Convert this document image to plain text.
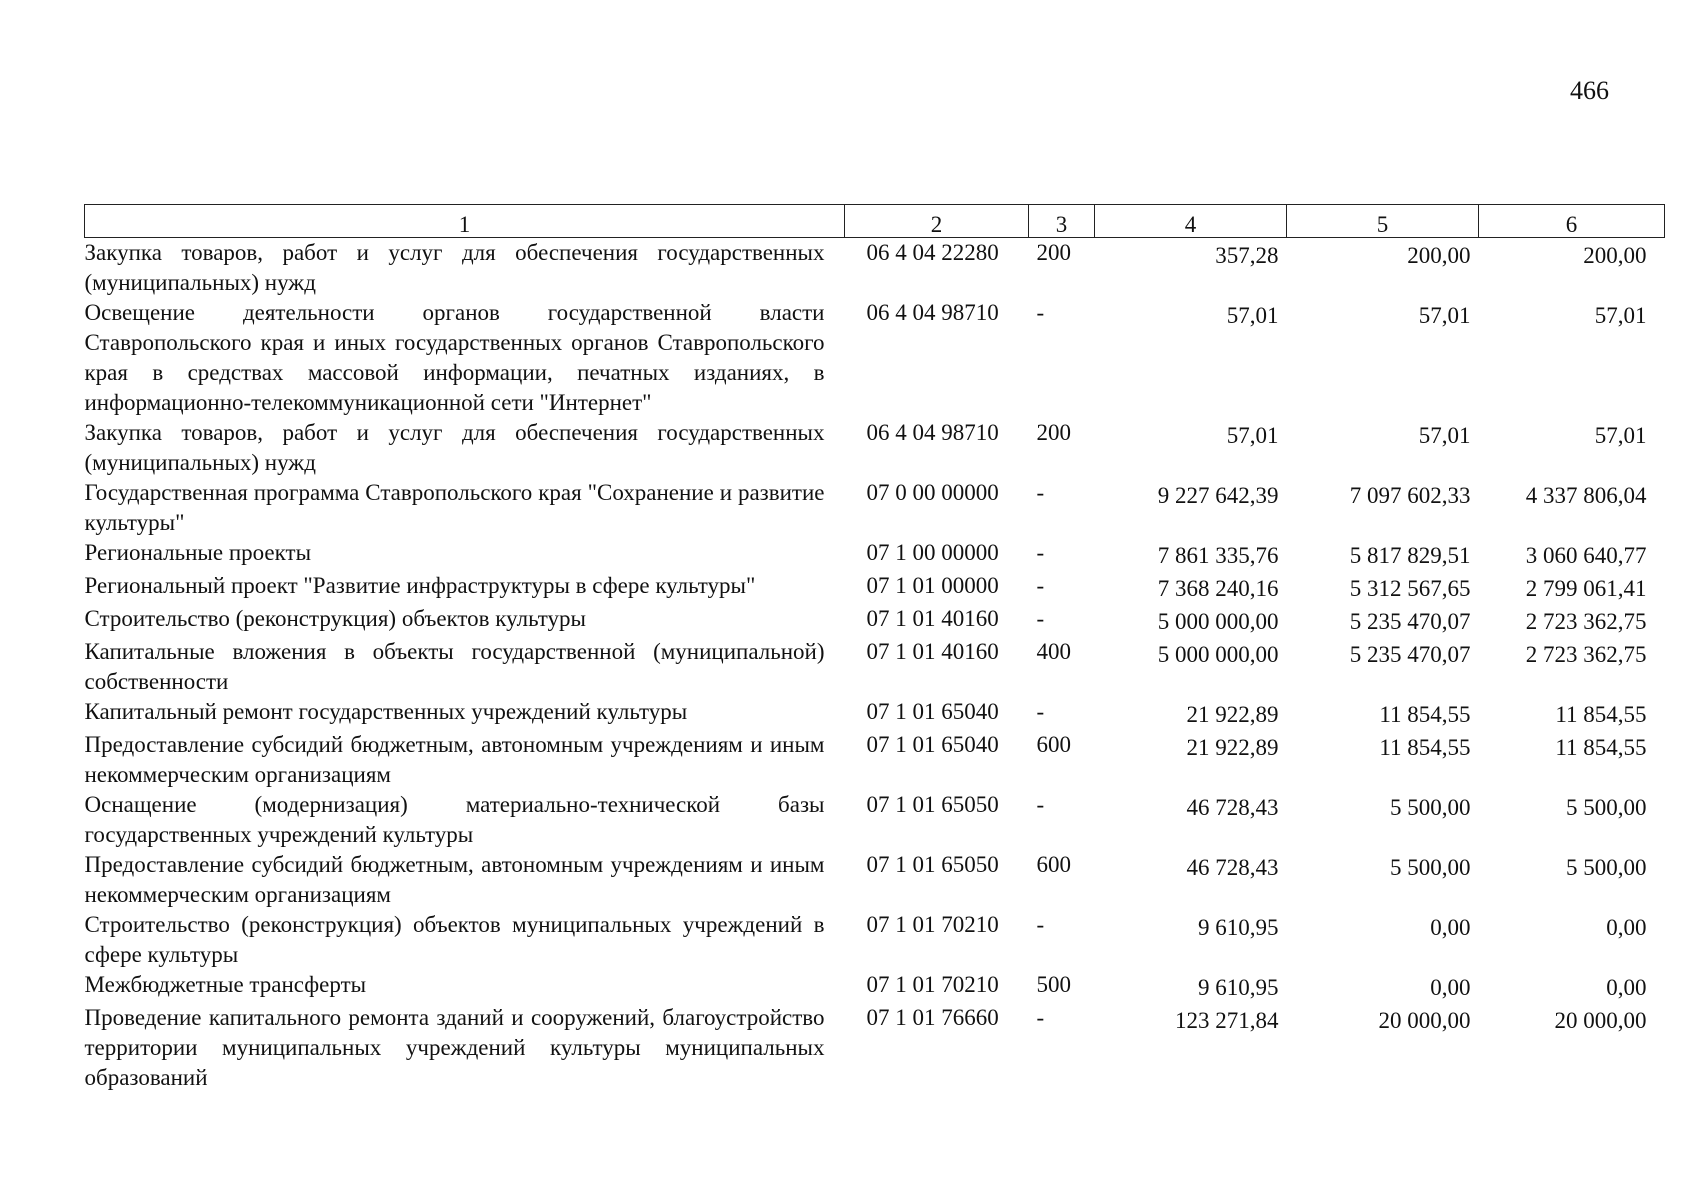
466
1	2	3	4	5	6
Закупка товаров, работ и услуг для обеспечения государственных (муниципальных) нужд	06 4 04 22280	200	357,28	200,00	200,00
Освещение деятельности органов государственной власти Ставропольского края и иных государственных органов Ставропольского края в средствах массовой информации, печатных изданиях, в информационно-телекоммуникационной сети "Интернет"	06 4 04 98710	-	57,01	57,01	57,01
Закупка товаров, работ и услуг для обеспечения государственных (муниципальных) нужд	06 4 04 98710	200	57,01	57,01	57,01
Государственная программа Ставропольского края "Сохранение и развитие культуры"	07 0 00 00000	-	9 227 642,39	7 097 602,33	4 337 806,04
Региональные проекты	07 1 00 00000	-	7 861 335,76	5 817 829,51	3 060 640,77
Региональный проект "Развитие инфраструктуры в сфере культуры"	07 1 01 00000	-	7 368 240,16	5 312 567,65	2 799 061,41
Строительство (реконструкция) объектов культуры	07 1 01 40160	-	5 000 000,00	5 235 470,07	2 723 362,75
Капитальные вложения в объекты государственной (муниципальной) собственности	07 1 01 40160	400	5 000 000,00	5 235 470,07	2 723 362,75
Капитальный ремонт государственных учреждений культуры	07 1 01 65040	-	21 922,89	11 854,55	11 854,55
Предоставление субсидий бюджетным, автономным учреждениям и иным некоммерческим организациям	07 1 01 65040	600	21 922,89	11 854,55	11 854,55
Оснащение (модернизация) материально-технической базы государственных учреждений культуры	07 1 01 65050	-	46 728,43	5 500,00	5 500,00
Предоставление субсидий бюджетным, автономным учреждениям и иным некоммерческим организациям	07 1 01 65050	600	46 728,43	5 500,00	5 500,00
Строительство (реконструкция) объектов муниципальных учреждений в сфере культуры	07 1 01 70210	-	9 610,95	0,00	0,00
Межбюджетные трансферты	07 1 01 70210	500	9 610,95	0,00	0,00
Проведение капитального ремонта зданий и сооружений, благоустройство территории муниципальных учреждений культуры муниципальных образований	07 1 01 76660	-	123 271,84	20 000,00	20 000,00
